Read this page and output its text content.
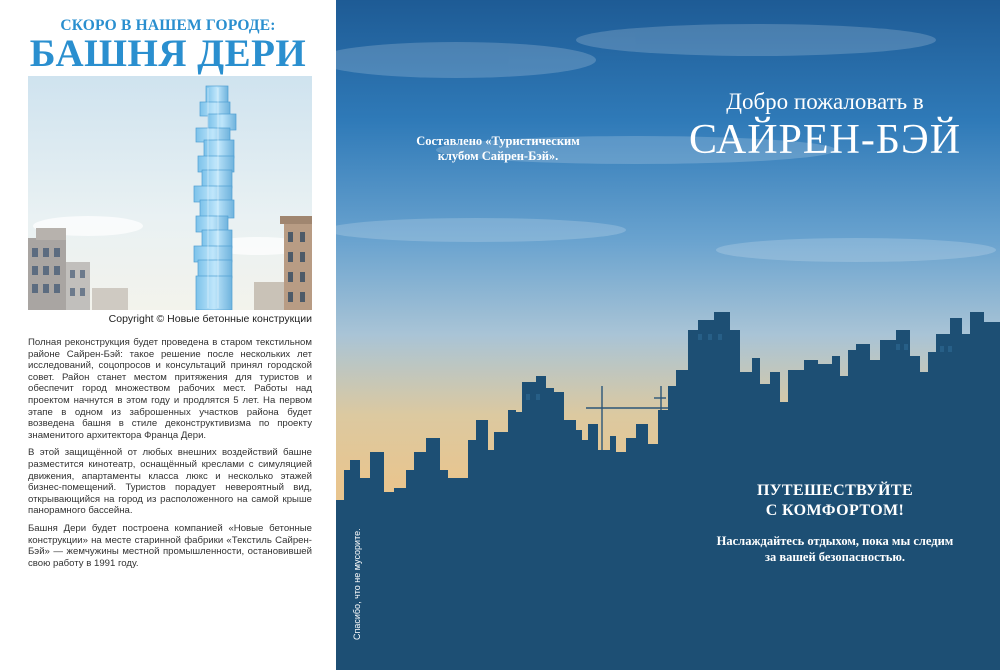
СКОРО В НАШЕМ ГОРОДЕ:
БАШНЯ ДЕРИ
Copyright © Новые бетонные конструкции

Полная реконструкция будет проведена в старом текстильном районе Сайрен-Бэй: такое решение после нескольких лет исследований, соцопросов и консультаций принял городской совет. Район станет местом притяжения для туристов и обеспечит город множеством рабочих мест. Работы над проектом начнутся в этом году и продлятся 5 лет. На первом этапе в одном из заброшенных участков района будет возведена башня в стиле деконструктивизма по проекту знаменитого архитектора Франца Дери.

В этой защищённой от любых внешних воздействий башне разместится кинотеатр, оснащённый креслами с симуляцией движения, апартаменты класса люкс и несколько этажей бизнес-помещений. Туристов порадует невероятный вид, открывающийся на город из расположенного на самой крыше панорамного бассейна.

Башня Дери будет построена компанией «Новые бетонные конструкции» на месте старинной фабрики «Текстиль Сайрен-Бэй» — жемчужины местной промышленности, остановившей свою работу в 1991 году.	Спасибо, что не мусорите.
Составлено «Туристическим клубом Сайрен-Бэй».
Добро пожаловать в
САЙРЕН-БЭЙ
ПУТЕШЕСТВУЙТЕ
С КОМФОРТОМ!
Наслаждайтесь отдыхом, пока мы следим
за вашей безопасностью.
